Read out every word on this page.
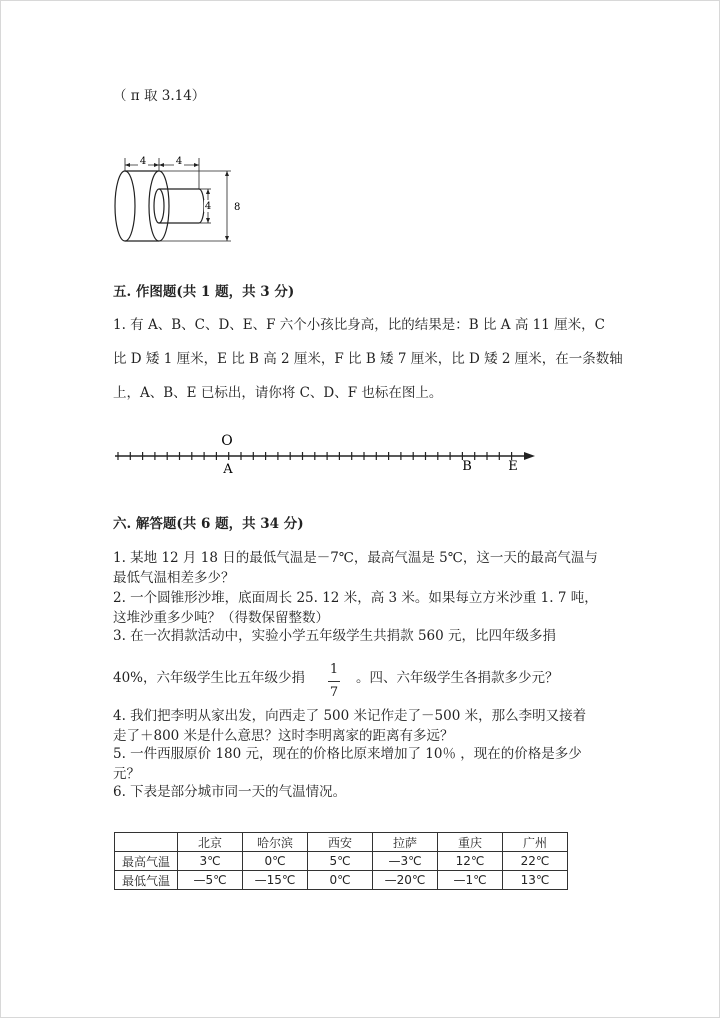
（ π 取 3.14）
4	4
4 8
五. 作图题(共 1 题，共 3 分)
1. 有 A、B、C、D、E、F 六个小孩比身高，比的结果是：B 比 A 高 11 厘米，C
比 D 矮 1 厘米，E 比 B 高 2 厘米，F 比 B 矮 7 厘米，比 D 矮 2 厘米，在一条数轴
上，A、B、E 已标出，请你将 C、D、F 也标在图上。
O
A	B	E
六. 解答题(共 6 题，共 34 分)
1. 某地 12 月 18 日的最低气温是－7℃，最高气温是 5℃，这一天的最高气温与
最低气温相差多少？
2. 一个圆锥形沙堆，底面周长 25. 12 米，高 3 米。如果每立方米沙重 1. 7 吨，
这堆沙重多少吨？（得数保留整数）
3. 在一次捐款活动中，实验小学五年级学生共捐款 560 元，比四年级多捐
40%，六年级学生比五年级少捐
1
7
。四、六年级学生各捐款多少元？
4. 我们把李明从家出发，向西走了 500 米记作走了－500 米，那么李明又接着
走了＋800 米是什么意思？这时李明离家的距离有多远？
5. 一件西服原价 180 元，现在的价格比原来增加了 10％ ，现在的价格是多少
元？
6. 下表是部分城市同一天的气温情况。
	北京	哈尔滨	西安	拉萨	重庆	广州
最高气温	3℃	0℃	5℃	—3℃	12℃	22℃
最低气温	—5℃	—15℃	0℃	—20℃	—1℃	13℃
